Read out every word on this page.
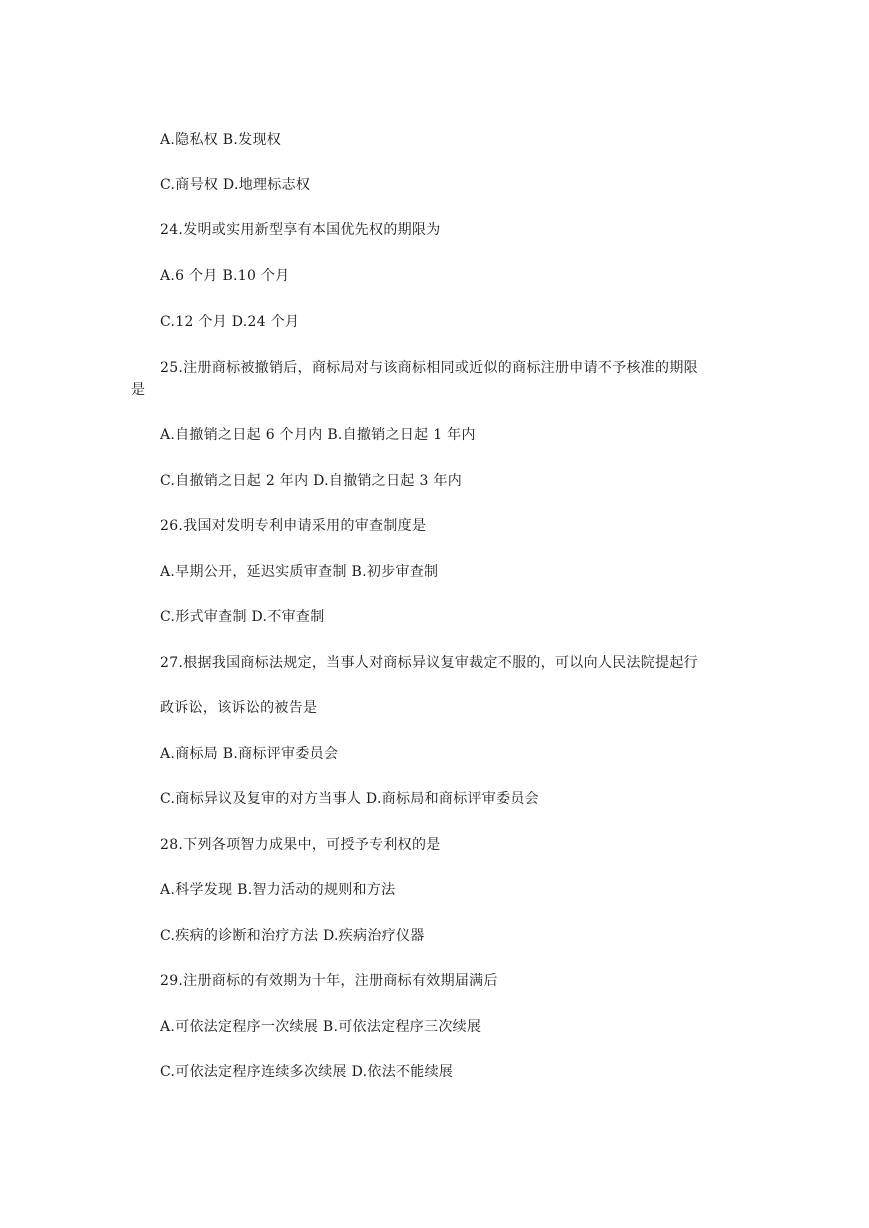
A.隐私权 B.发现权
C.商号权 D.地理标志权
24.发明或实用新型享有本国优先权的期限为
A.6 个月 B.10 个月
C.12 个月 D.24 个月
25.注册商标被撤销后，商标局对与该商标相同或近似的商标注册申请不予核准的期限
是
A.自撤销之日起 6 个月内 B.自撤销之日起 1 年内
C.自撤销之日起 2 年内 D.自撤销之日起 3 年内
26.我国对发明专利申请采用的审查制度是
A.早期公开，延迟实质审查制 B.初步审查制
C.形式审查制 D.不审查制
27.根据我国商标法规定，当事人对商标异议复审裁定不服的，可以向人民法院提起行
政诉讼，该诉讼的被告是
A.商标局 B.商标评审委员会
C.商标异议及复审的对方当事人 D.商标局和商标评审委员会
28.下列各项智力成果中，可授予专利权的是
A.科学发现 B.智力活动的规则和方法
C.疾病的诊断和治疗方法 D.疾病治疗仪器
29.注册商标的有效期为十年，注册商标有效期届满后
A.可依法定程序一次续展 B.可依法定程序三次续展
C.可依法定程序连续多次续展 D.依法不能续展
